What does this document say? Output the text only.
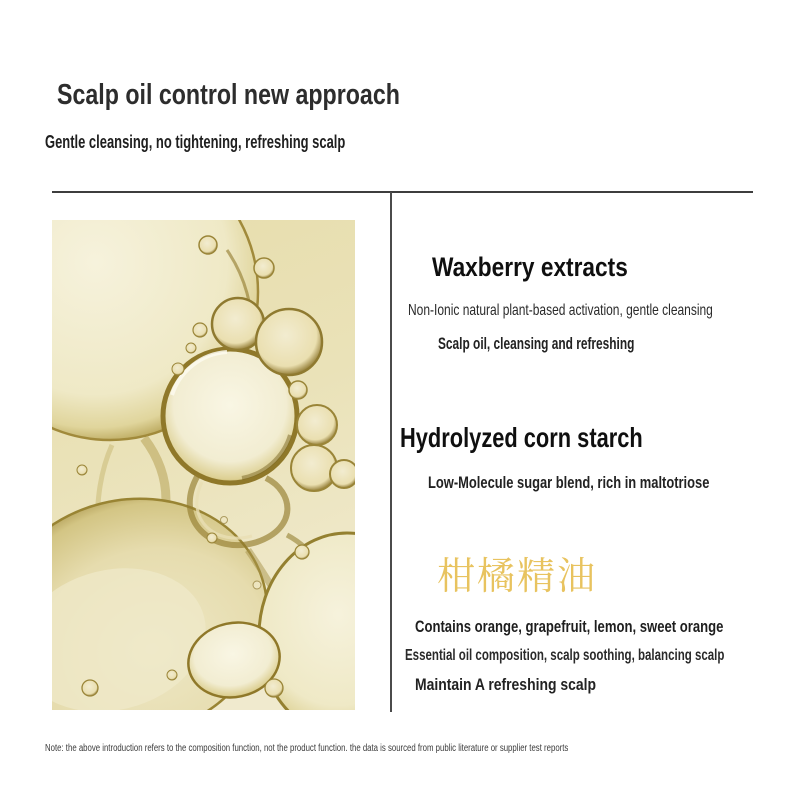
Scalp oil control new approach
Gentle cleansing, no tightening, refreshing scalp
Waxberry extracts
Non-Ionic natural plant-based activation, gentle cleansing
Scalp oil, cleansing and refreshing
Hydrolyzed corn starch
Low-Molecule sugar blend, rich in maltotriose
柑橘精油
Contains orange, grapefruit, lemon, sweet orange
Essential oil composition, scalp soothing, balancing scalp
Maintain A refreshing scalp
Note: the above introduction refers to the composition function, not the product function. the data is sourced from public literature or supplier test reports
